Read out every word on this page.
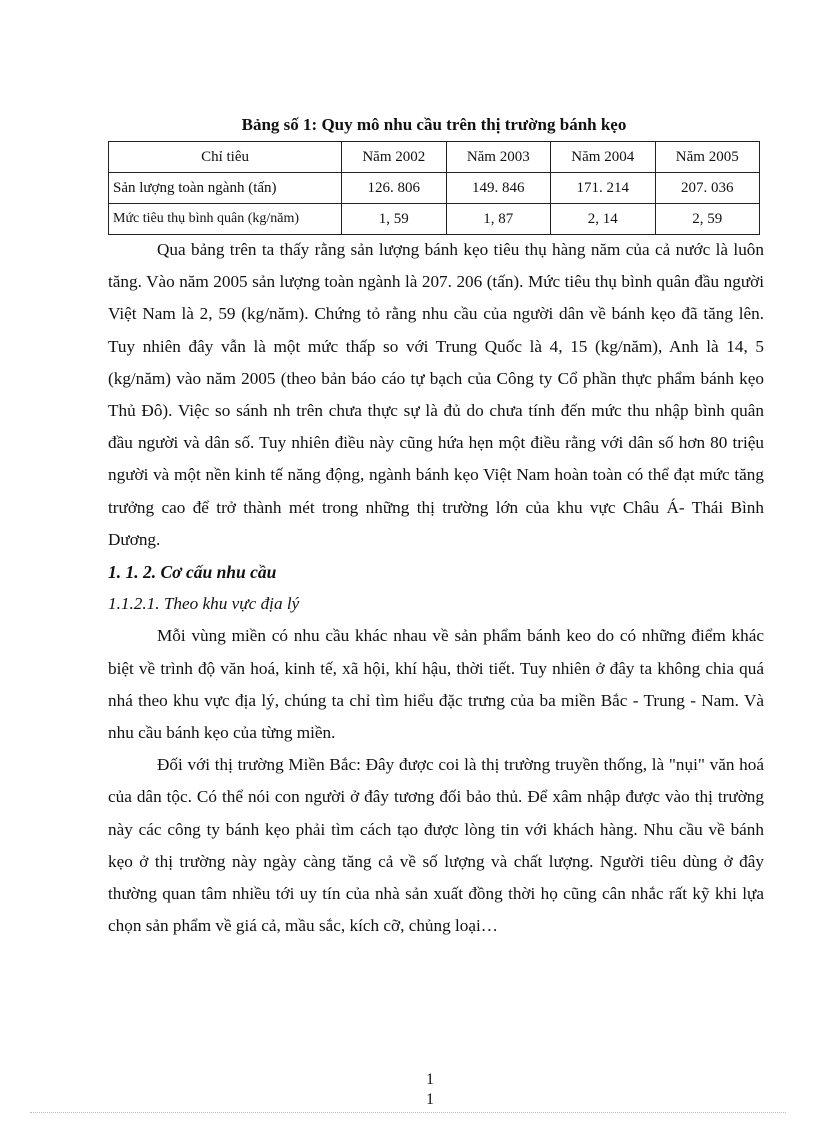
Bảng số 1: Quy mô nhu cầu trên thị trường bánh kẹo
Chỉ tiêu	Năm 2002	Năm 2003	Năm 2004	Năm 2005
Sản lượng toàn ngành (tấn)	126. 806	149. 846	171. 214	207. 036
Mức tiêu thụ bình quân (kg/năm)	1, 59	1, 87	2, 14	2, 59

Qua bảng trên ta thấy rằng sản lượng bánh kẹo tiêu thụ hàng năm của cả nước là luôn tăng. Vào năm 2005 sản lượng toàn ngành là 207. 206 (tấn). Mức tiêu thụ bình quân đầu người Việt Nam là 2, 59 (kg/năm). Chứng tỏ rằng nhu cầu của người dân về bánh kẹo đã tăng lên. Tuy nhiên đây vẫn là một mức thấp so với Trung Quốc là 4, 15 (kg/năm), Anh là 14, 5 (kg/năm) vào năm 2005 (theo bản báo cáo tự bạch của Công ty Cổ phần thực phẩm bánh kẹo Thủ Đô). Việc so sánh nh trên chưa thực sự là đủ do chưa tính đến mức thu nhập bình quân đầu người và dân số. Tuy nhiên điều này cũng hứa hẹn một điều rằng với dân số hơn 80 triệu người và một nền kinh tế năng động, ngành bánh kẹo Việt Nam hoàn toàn có thể đạt mức tăng trưởng cao để trở thành mét trong những thị trường lớn của khu vực Châu Á- Thái Bình Dương.

1. 1. 2. Cơ cấu nhu cầu

1.1.2.1. Theo khu vực địa lý

Mỗi vùng miền có nhu cầu khác nhau về sản phẩm bánh keo do có những điểm khác biệt về trình độ văn hoá, kinh tế, xã hội, khí hậu, thời tiết. Tuy nhiên ở đây ta không chia quá nhá theo khu vực địa lý, chúng ta chỉ tìm hiểu đặc trưng của ba miền Bắc - Trung - Nam. Và nhu cầu bánh kẹo của từng miền.

Đối với thị trường Miền Bắc: Đây được coi là thị trường truyền thống, là "nụi" văn hoá của dân tộc. Có thể nói con người ở đây tương đối bảo thủ. Để xâm nhập được vào thị trường này các công ty bánh kẹo phải tìm cách tạo được lòng tin với khách hàng. Nhu cầu về bánh kẹo ở thị trường này ngày càng tăng cả về số lượng và chất lượng. Người tiêu dùng ở đây thường quan tâm nhiều tới uy tín của nhà sản xuất đồng thời họ cũng cân nhắc rất kỹ khi lựa chọn sản phẩm về giá cả, mầu sắc, kích cỡ, chủng loại…

1
1
